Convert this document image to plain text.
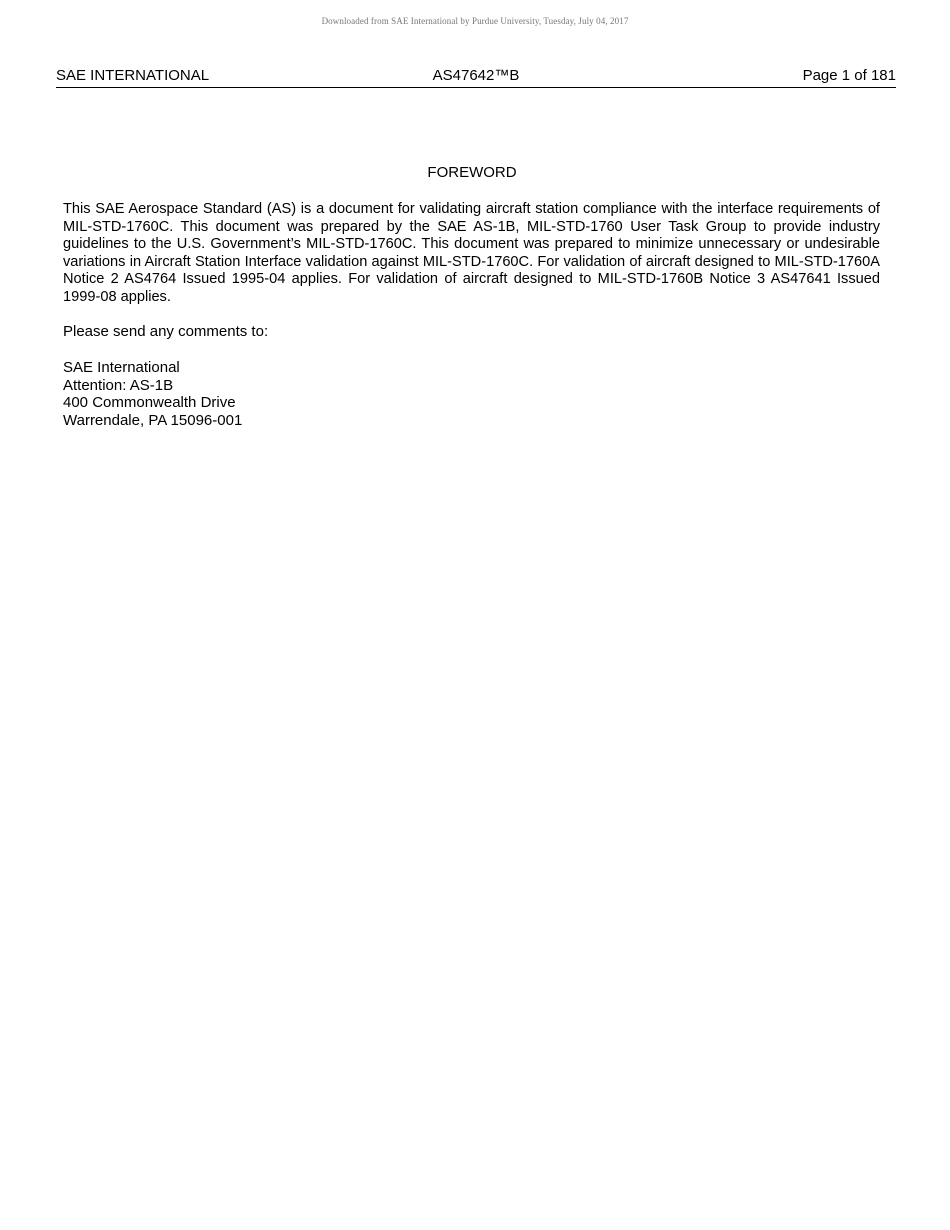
Downloaded from SAE International by Purdue University, Tuesday, July 04, 2017
SAE INTERNATIONAL	AS47642™B	Page 1 of 181
FOREWORD
This SAE Aerospace Standard (AS) is a document for validating aircraft station compliance with the interface requirements of MIL-STD-1760C. This document was prepared by the SAE AS-1B, MIL-STD-1760 User Task Group to provide industry guidelines to the U.S. Government’s MIL-STD-1760C. This document was prepared to minimize unnecessary or undesirable variations in Aircraft Station Interface validation against MIL-STD-1760C. For validation of aircraft designed to MIL-STD-1760A Notice 2 AS4764 Issued 1995-04 applies. For validation of aircraft designed to MIL-STD-1760B Notice 3 AS47641 Issued 1999-08 applies.
Please send any comments to:
SAE International
Attention: AS-1B
400 Commonwealth Drive
Warrendale, PA 15096-001
